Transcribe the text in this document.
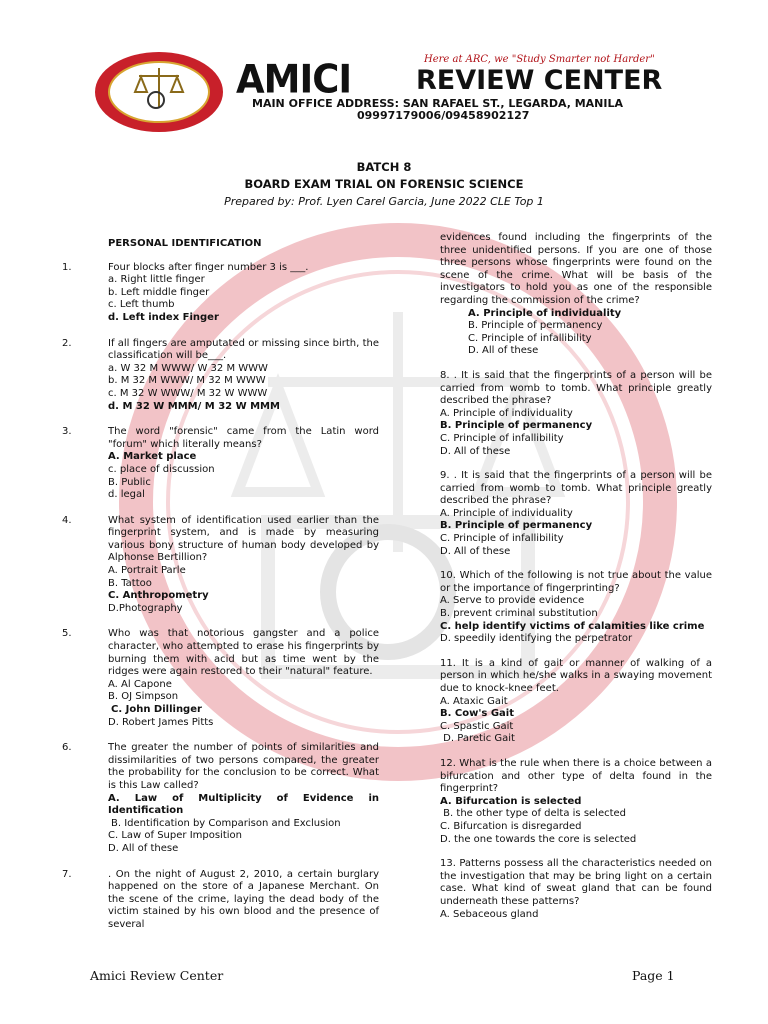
Here at ARC, we "Study Smarter not Harder"
AMICI REVIEW CENTER
MAIN OFFICE ADDRESS: SAN RAFAEL ST., LEGARDA, MANILA
09997179006/09458902127
BATCH 8
BOARD EXAM TRIAL ON FORENSIC SCIENCE
Prepared by: Prof. Lyen Carel Garcia, June 2022 CLE Top 1
PERSONAL IDENTIFICATION
1.	Four blocks after finger number 3 is ___.
a. Right little finger
b. Left middle finger
c. Left thumb
d. Left index Finger
2.	If all fingers are amputated or missing since birth, the classification will be___.
a. W 32 M WWW/ W 32 M WWW
b. M 32 M WWW/ M 32 M WWW
c. M 32 W WWW/ M 32 W WWW
d. M 32 W MMM/ M 32 W MMM
3.	The word "forensic" came from the Latin word "forum" which literally means?
A. Market place
c. place of discussion
B. Public
d. legal
4.	What system of identification used earlier than the fingerprint system, and is made by measuring various bony structure of human body developed by Alphonse Bertillion?
A. Portrait Parle
B. Tattoo
C. Anthropometry
D.Photography
5.	Who was that notorious gangster and a police character, who attempted to erase his fingerprints by burning them with acid but as time went by the ridges were again restored to their "natural" feature.
A. Al Capone
B. OJ Simpson
C. John Dillinger
D. Robert James Pitts
6.	The greater the number of points of similarities and dissimilarities of two persons compared, the greater the probability for the conclusion to be correct. What is this Law called?
A. Law of Multiplicity of Evidence in Identification
B. Identification by Comparison and Exclusion
C. Law of Super Imposition
D. All of these
7.	. On the night of August 2, 2010, a certain burglary happened on the store of a Japanese Merchant. On the scene of the crime, laying the dead body of the victim stained by his own blood and the presence of several
evidences found including the fingerprints of the three unidentified persons. If you are one of those three persons whose fingerprints were found on the scene of the crime. What will be basis of the investigators to hold you as one of the responsible regarding the commission of the crime?
A. Principle of individuality
B. Principle of permanency
C. Principle of infallibility
D. All of these
8. . It is said that the fingerprints of a person will be carried from womb to tomb. What principle greatly described the phrase?
A. Principle of individuality
B. Principle of permanency
C. Principle of infallibility
D. All of these
9. . It is said that the fingerprints of a person will be carried from womb to tomb. What principle greatly described the phrase?
A. Principle of individuality
B. Principle of permanency
C. Principle of infallibility
D. All of these
10. Which of the following is not true about the value or the importance of fingerprinting?
A. Serve to provide evidence
B. prevent criminal substitution
C. help identify victims of calamities like crime
D. speedily identifying the perpetrator
11. It is a kind of gait or manner of walking of a person in which he/she walks in a swaying movement due to knock-knee feet.
A. Ataxic Gait
B. Cow's Gait
C. Spastic Gait
D. Paretic Gait
12. What is the rule when there is a choice between a bifurcation and other type of delta found in the fingerprint?
A. Bifurcation is selected
B. the other type of delta is selected
C. Bifurcation is disregarded
D. the one towards the core is selected
13. Patterns possess all the characteristics needed on the investigation that may be bring light on a certain case. What kind of sweat gland that can be found underneath these patterns?
A. Sebaceous gland
Amici Review Center	Page 1
